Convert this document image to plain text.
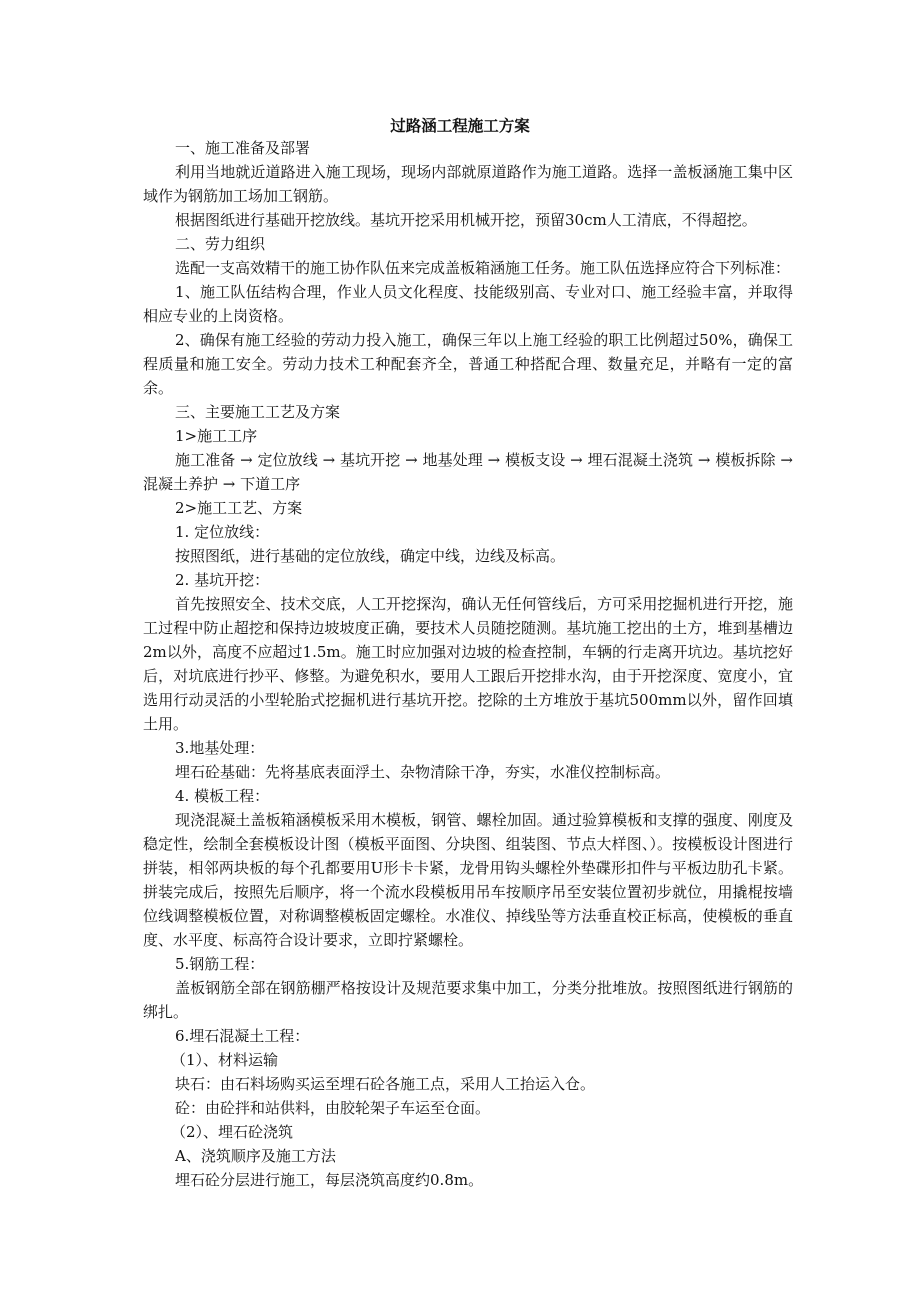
过路涵工程施工方案

一、施工准备及部署

利用当地就近道路进入施工现场，现场内部就原道路作为施工道路。选择一盖板涵施工集中区域作为钢筋加工场加工钢筋。

根据图纸进行基础开挖放线。基坑开挖采用机械开挖，预留30cm人工清底，不得超挖。

二、劳力组织

选配一支高效精干的施工协作队伍来完成盖板箱涵施工任务。施工队伍选择应符合下列标准：

1、施工队伍结构合理，作业人员文化程度、技能级别高、专业对口、施工经验丰富，并取得相应专业的上岗资格。

2、确保有施工经验的劳动力投入施工，确保三年以上施工经验的职工比例超过50%，确保工程质量和施工安全。劳动力技术工种配套齐全，普通工种搭配合理、数量充足，并略有一定的富余。

三、主要施工工艺及方案

1>施工工序

施工准备 → 定位放线 → 基坑开挖 → 地基处理 → 模板支设 → 埋石混凝土浇筑 → 模板拆除 → 混凝土养护 → 下道工序

2>施工工艺、方案

1. 定位放线：

按照图纸，进行基础的定位放线，确定中线，边线及标高。

2. 基坑开挖：

首先按照安全、技术交底，人工开挖探沟，确认无任何管线后，方可采用挖掘机进行开挖，施工过程中防止超挖和保持边坡坡度正确，要技术人员随挖随测。基坑施工挖出的土方，堆到基槽边2m以外，高度不应超过1.5m。施工时应加强对边坡的检查控制，车辆的行走离开坑边。基坑挖好后，对坑底进行抄平、修整。为避免积水，要用人工跟后开挖排水沟，由于开挖深度、宽度小，宜选用行动灵活的小型轮胎式挖掘机进行基坑开挖。挖除的土方堆放于基坑500mm以外，留作回填土用。

3.地基处理：

埋石砼基础：先将基底表面浮土、杂物清除干净，夯实，水准仪控制标高。

4. 模板工程：

现浇混凝土盖板箱涵模板采用木模板，钢管、螺栓加固。通过验算模板和支撑的强度、刚度及稳定性，绘制全套模板设计图（模板平面图、分块图、组装图、节点大样图、）。按模板设计图进行拼装，相邻两块板的每个孔都要用U形卡卡紧，龙骨用钩头螺栓外垫碟形扣件与平板边肋孔卡紧。拼装完成后，按照先后顺序，将一个流水段模板用吊车按顺序吊至安装位置初步就位，用撬棍按墙位线调整模板位置，对称调整模板固定螺栓。水准仪、掉线坠等方法垂直校正标高，使模板的垂直度、水平度、标高符合设计要求，立即拧紧螺栓。

5.钢筋工程：

盖板钢筋全部在钢筋棚严格按设计及规范要求集中加工，分类分批堆放。按照图纸进行钢筋的绑扎。

6.埋石混凝土工程：

（1）、材料运输

块石：由石料场购买运至埋石砼各施工点，采用人工抬运入仓。

砼：由砼拌和站供料，由胶轮架子车运至仓面。

（2）、埋石砼浇筑

A、浇筑顺序及施工方法

埋石砼分层进行施工，每层浇筑高度约0.8m。
